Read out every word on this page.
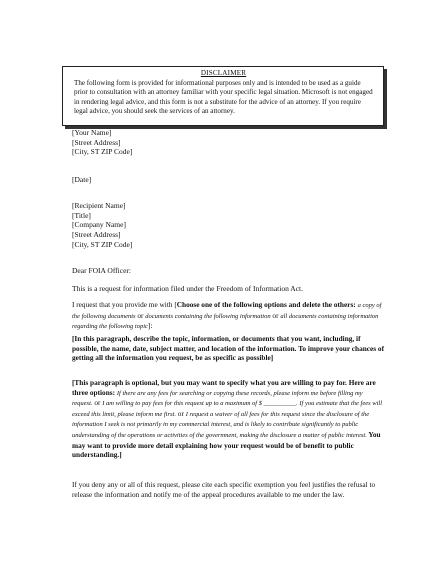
DISCLAIMER
The following form is provided for informational purposes only and is intended to be used as a guide prior to consultation with an attorney familiar with your specific legal situation. Microsoft is not engaged in rendering legal advice, and this form is not a substitute for the advice of an attorney. If you require legal advice, you should seek the services of an attorney.
[Your Name]
[Street Address]
[City, ST ZIP Code]
[Date]
[Recipient Name]
[Title]
[Company Name]
[Street Address]
[City, ST ZIP Code]
Dear FOIA Officer:
This is a request for information filed under the Freedom of Information Act.
I request that you provide me with [Choose one of the following options and delete the others: a copy of the following documents or documents containing the following information or all documents containing information regarding the following topic]:
[In this paragraph, describe the topic, information, or documents that you want, including, if possible, the name, date, subject matter, and location of the information. To improve your chances of getting all the information you request, be as specific as possible]
[This paragraph is optional, but you may want to specify what you are willing to pay for. Here are three options: If there are any fees for searching or copying these records, please inform me before filling my request. or I am willing to pay fees for this request up to a maximum of $ __________. If you estimate that the fees will exceed this limit, please inform me first. or I request a waiver of all fees for this request since the disclosure of the information I seek is not primarily in my commercial interest, and is likely to contribute significantly to public understanding of the operations or activities of the government, making the disclosure a matter of public interest. You may want to provide more detail explaining how your request would be of benefit to public understanding.]
If you deny any or all of this request, please cite each specific exemption you feel justifies the refusal to release the information and notify me of the appeal procedures available to me under the law.
